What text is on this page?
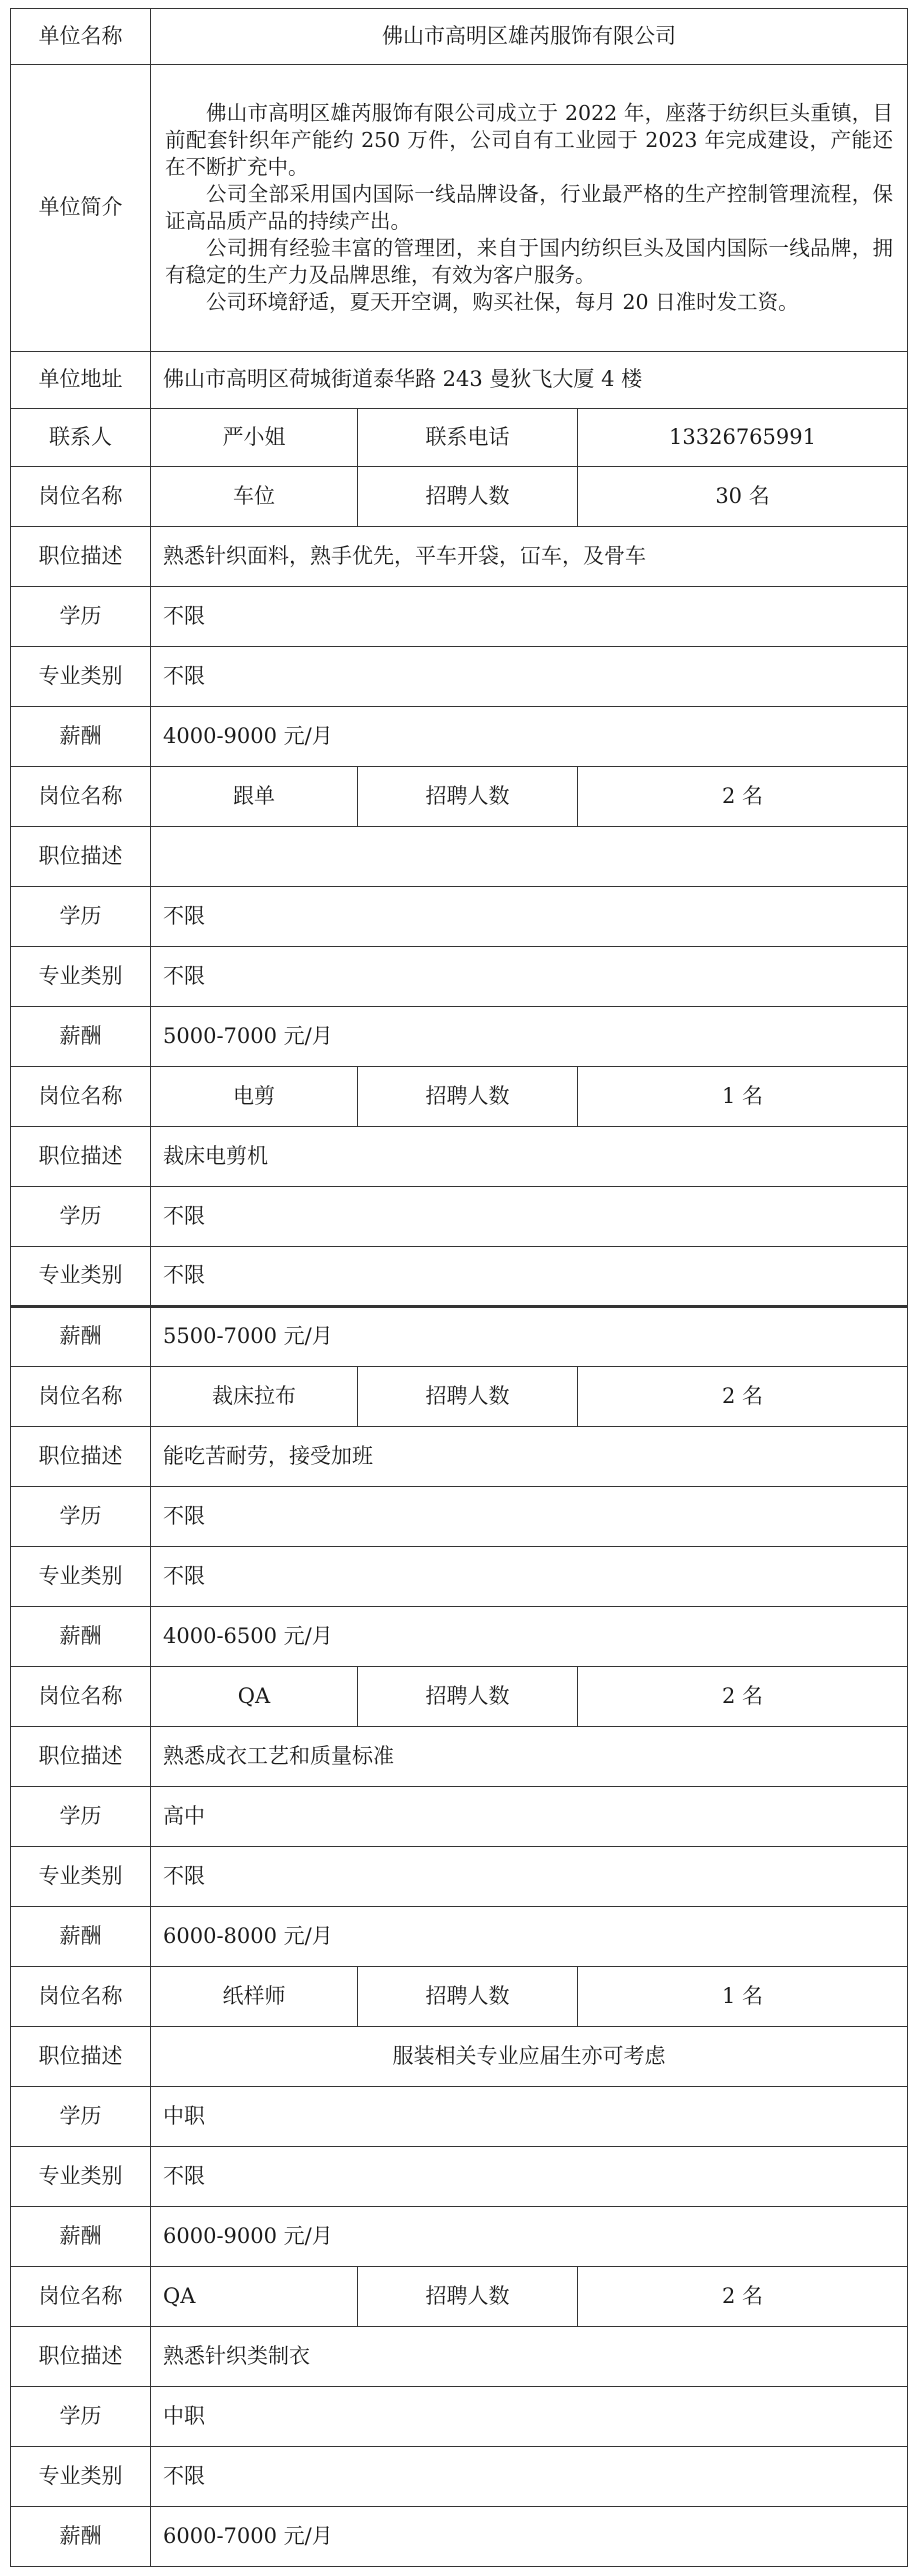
单位名称	佛山市高明区雄芮服饰有限公司		
单位简介	佛山市高明区雄芮服饰有限公司成立于 2022 年，座落于纺织巨头重镇，目前配套针织年产能约 250 万件，公司自有工业园于 2023 年完成建设，产能还在不断扩充中。

公司全部采用国内国际一线品牌设备，行业最严格的生产控制管理流程，保证高品质产品的持续产出。

公司拥有经验丰富的管理团，来自于国内纺织巨头及国内国际一线品牌，拥有稳定的生产力及品牌思维，有效为客户服务。

公司环境舒适，夏天开空调，购买社保，每月 20 日准时发工资。		

单位地址	佛山市高明区荷城街道泰华路 243 曼狄飞大厦 4 楼		
联系人	严小姐	联系电话	13326765991
岗位名称	车位	招聘人数	30 名
职位描述	熟悉针织面料，熟手优先，平车开袋，冚车，及骨车		
学历	不限		
专业类别	不限		
薪酬	4000-9000 元/月		
岗位名称	跟单	招聘人数	2 名
职位描述			
学历	不限		
专业类别	不限		
薪酬	5000-7000 元/月		
岗位名称	电剪	招聘人数	1 名
职位描述	裁床电剪机		
学历	不限		
专业类别	不限		
薪酬	5500-7000 元/月		
岗位名称	裁床拉布	招聘人数	2 名
职位描述	能吃苦耐劳，接受加班		
学历	不限		
专业类别	不限		
薪酬	4000-6500 元/月		
岗位名称	QA	招聘人数	2 名
职位描述	熟悉成衣工艺和质量标准		
学历	高中		
专业类别	不限		
薪酬	6000-8000 元/月		
岗位名称	纸样师	招聘人数	1 名
职位描述	服装相关专业应届生亦可考虑		
学历	中职		
专业类别	不限		
薪酬	6000-9000 元/月		
岗位名称	QA	招聘人数	2 名
职位描述	熟悉针织类制衣		
学历	中职		
专业类别	不限		
薪酬	6000-7000 元/月		
